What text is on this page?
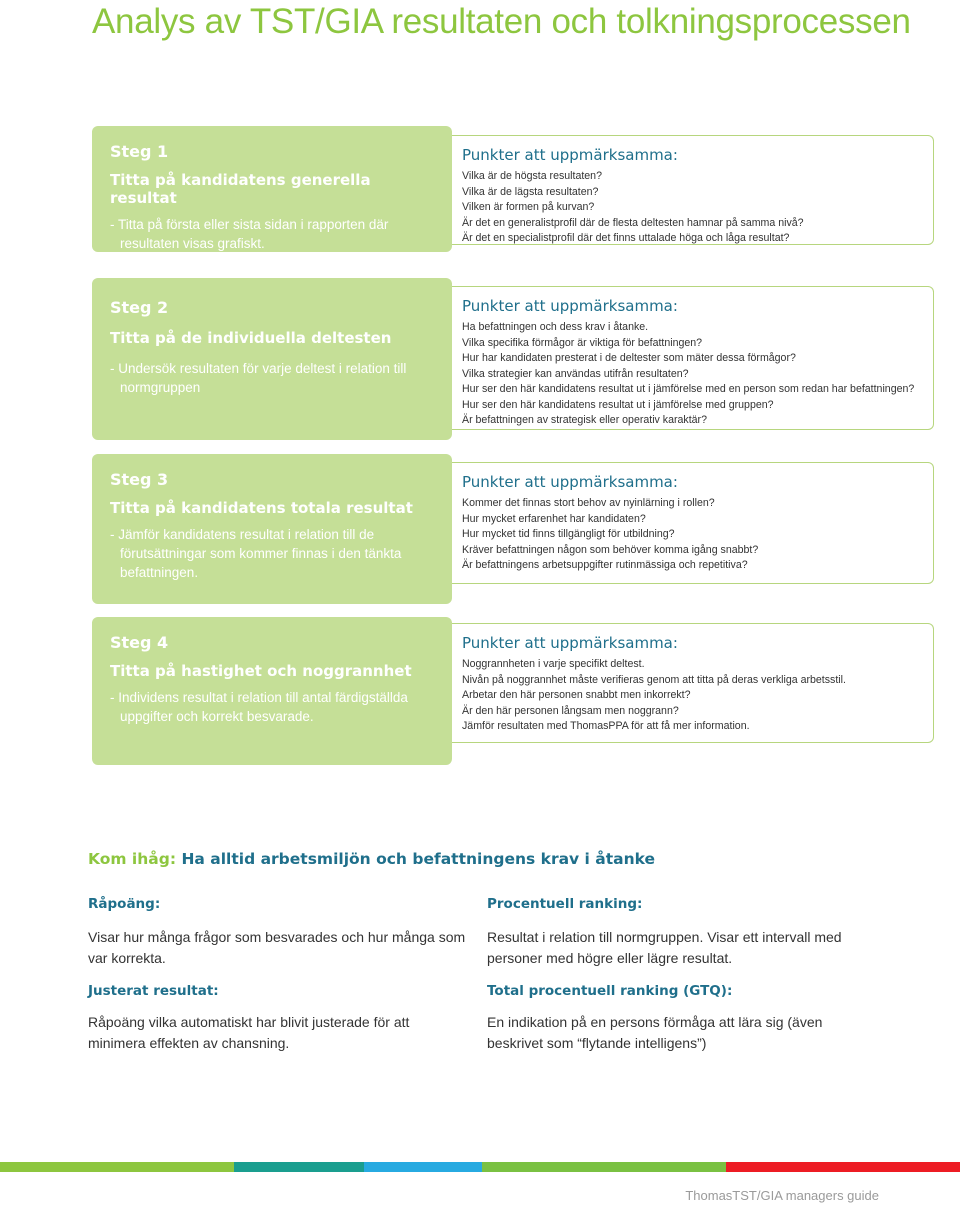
Analys av TST/GIA resultaten och tolkningsprocessen
Punkter att uppmärksamma:
Vilka är de högsta resultaten?
Vilka är de lägsta resultaten?
Vilken är formen på kurvan?
Är det en generalistprofil där de flesta deltesten hamnar på samma nivå?
Är det en specialistprofil där det finns uttalade höga och låga resultat?
Steg 1
Titta på kandidatens generella resultat
- Titta på första eller sista sidan i rapporten där resultaten visas grafiskt.
Punkter att uppmärksamma:
Ha befattningen och dess krav i åtanke.
Vilka specifika förmågor är viktiga för befattningen?
Hur har kandidaten presterat i de deltester som mäter dessa förmågor?
Vilka strategier kan användas utifrån resultaten?
Hur ser den här kandidatens resultat ut i jämförelse med en person som redan har befattningen?
Hur ser den här kandidatens resultat ut i jämförelse med gruppen?
Är befattningen av strategisk eller operativ karaktär?
Steg 2
Titta på de individuella deltesten
- Undersök resultaten för varje deltest i relation till normgruppen
Punkter att uppmärksamma:
Kommer det finnas stort behov av nyinlärning i rollen?
Hur mycket erfarenhet har kandidaten?
Hur mycket tid finns tillgängligt för utbildning?
Kräver befattningen någon som behöver komma igång snabbt?
Är befattningens arbetsuppgifter rutinmässiga och repetitiva?
Steg 3
Titta på kandidatens totala resultat
- Jämför kandidatens resultat i relation till de förutsättningar som kommer finnas i den tänkta befattningen.
Punkter att uppmärksamma:
Noggrannheten i varje specifikt deltest.
Nivån på noggrannhet måste verifieras genom att titta på deras verkliga arbetsstil.
Arbetar den här personen snabbt men inkorrekt?
Är den här personen långsam men noggrann?
Jämför resultaten med ThomasPPA för att få mer information.
Steg 4
Titta på hastighet och noggrannhet
- Individens resultat i relation till antal färdigställda uppgifter och korrekt besvarade.
Kom ihåg: Ha alltid arbetsmiljön och befattningens krav i åtanke
Råpoäng:
Visar hur många frågor som besvarades och hur många som var korrekta.
Procentuell ranking:
Resultat i relation till normgruppen. Visar ett intervall med personer med högre eller lägre resultat.
Justerat resultat:
Råpoäng vilka automatiskt har blivit justerade för att minimera effekten av chansning.
Total procentuell ranking (GTQ):
En indikation på en persons förmåga att lära sig (även beskrivet som “flytande intelligens”)
ThomasTST/GIA managers guide
